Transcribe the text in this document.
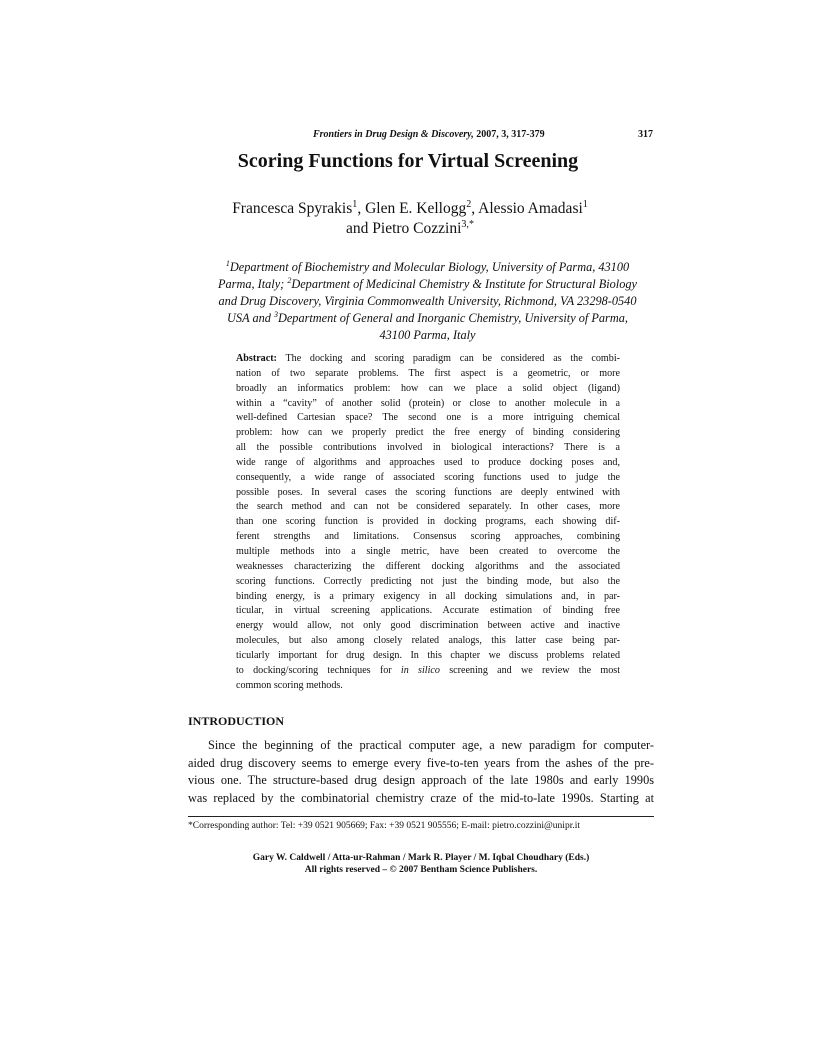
Frontiers in Drug Design & Discovery, 2007, 3, 317-379	317
Scoring Functions for Virtual Screening
Francesca Spyrakis$^1$, Glen E. Kellogg$^2$, Alessio Amadasi$^1$
and Pietro Cozzini$^{3,*}$
$^1$Department of Biochemistry and Molecular Biology, University of Parma, 43100
Parma, Italy; $^2$Department of Medicinal Chemistry & Institute for Structural Biology
and Drug Discovery, Virginia Commonwealth University, Richmond, VA 23298-0540
USA and $^3$Department of General and Inorganic Chemistry, University of Parma,
43100 Parma, Italy
Abstract: The docking and scoring paradigm can be considered as the combi-
nation of two separate problems. The first aspect is a geometric, or more
broadly an informatics problem: how can we place a solid object (ligand)
within a “cavity” of another solid (protein) or close to another molecule in a
well-defined Cartesian space? The second one is a more intriguing chemical
problem: how can we properly predict the free energy of binding considering
all the possible contributions involved in biological interactions? There is a
wide range of algorithms and approaches used to produce docking poses and,
consequently, a wide range of associated scoring functions used to judge the
possible poses. In several cases the scoring functions are deeply entwined with
the search method and can not be considered separately. In other cases, more
than one scoring function is provided in docking programs, each showing dif-
ferent strengths and limitations. Consensus scoring approaches, combining
multiple methods into a single metric, have been created to overcome the
weaknesses characterizing the different docking algorithms and the associated
scoring functions. Correctly predicting not just the binding mode, but also the
binding energy, is a primary exigency in all docking simulations and, in par-
ticular, in virtual screening applications. Accurate estimation of binding free
energy would allow, not only good discrimination between active and inactive
molecules, but also among closely related analogs, this latter case being par-
ticularly important for drug design. In this chapter we discuss problems related
to docking/scoring techniques for in silico screening and we review the most
common scoring methods.
INTRODUCTION
Since the beginning of the practical computer age, a new paradigm for computer-
aided drug discovery seems to emerge every five-to-ten years from the ashes of the pre-
vious one. The structure-based drug design approach of the late 1980s and early 1990s
was replaced by the combinatorial chemistry craze of the mid-to-late 1990s. Starting at
*Corresponding author: Tel: +39 0521 905669; Fax: +39 0521 905556; E-mail: pietro.cozzini@unipr.it
Gary W. Caldwell / Atta-ur-Rahman / Mark R. Player / M. Iqbal Choudhary (Eds.)
All rights reserved – © 2007 Bentham Science Publishers.
